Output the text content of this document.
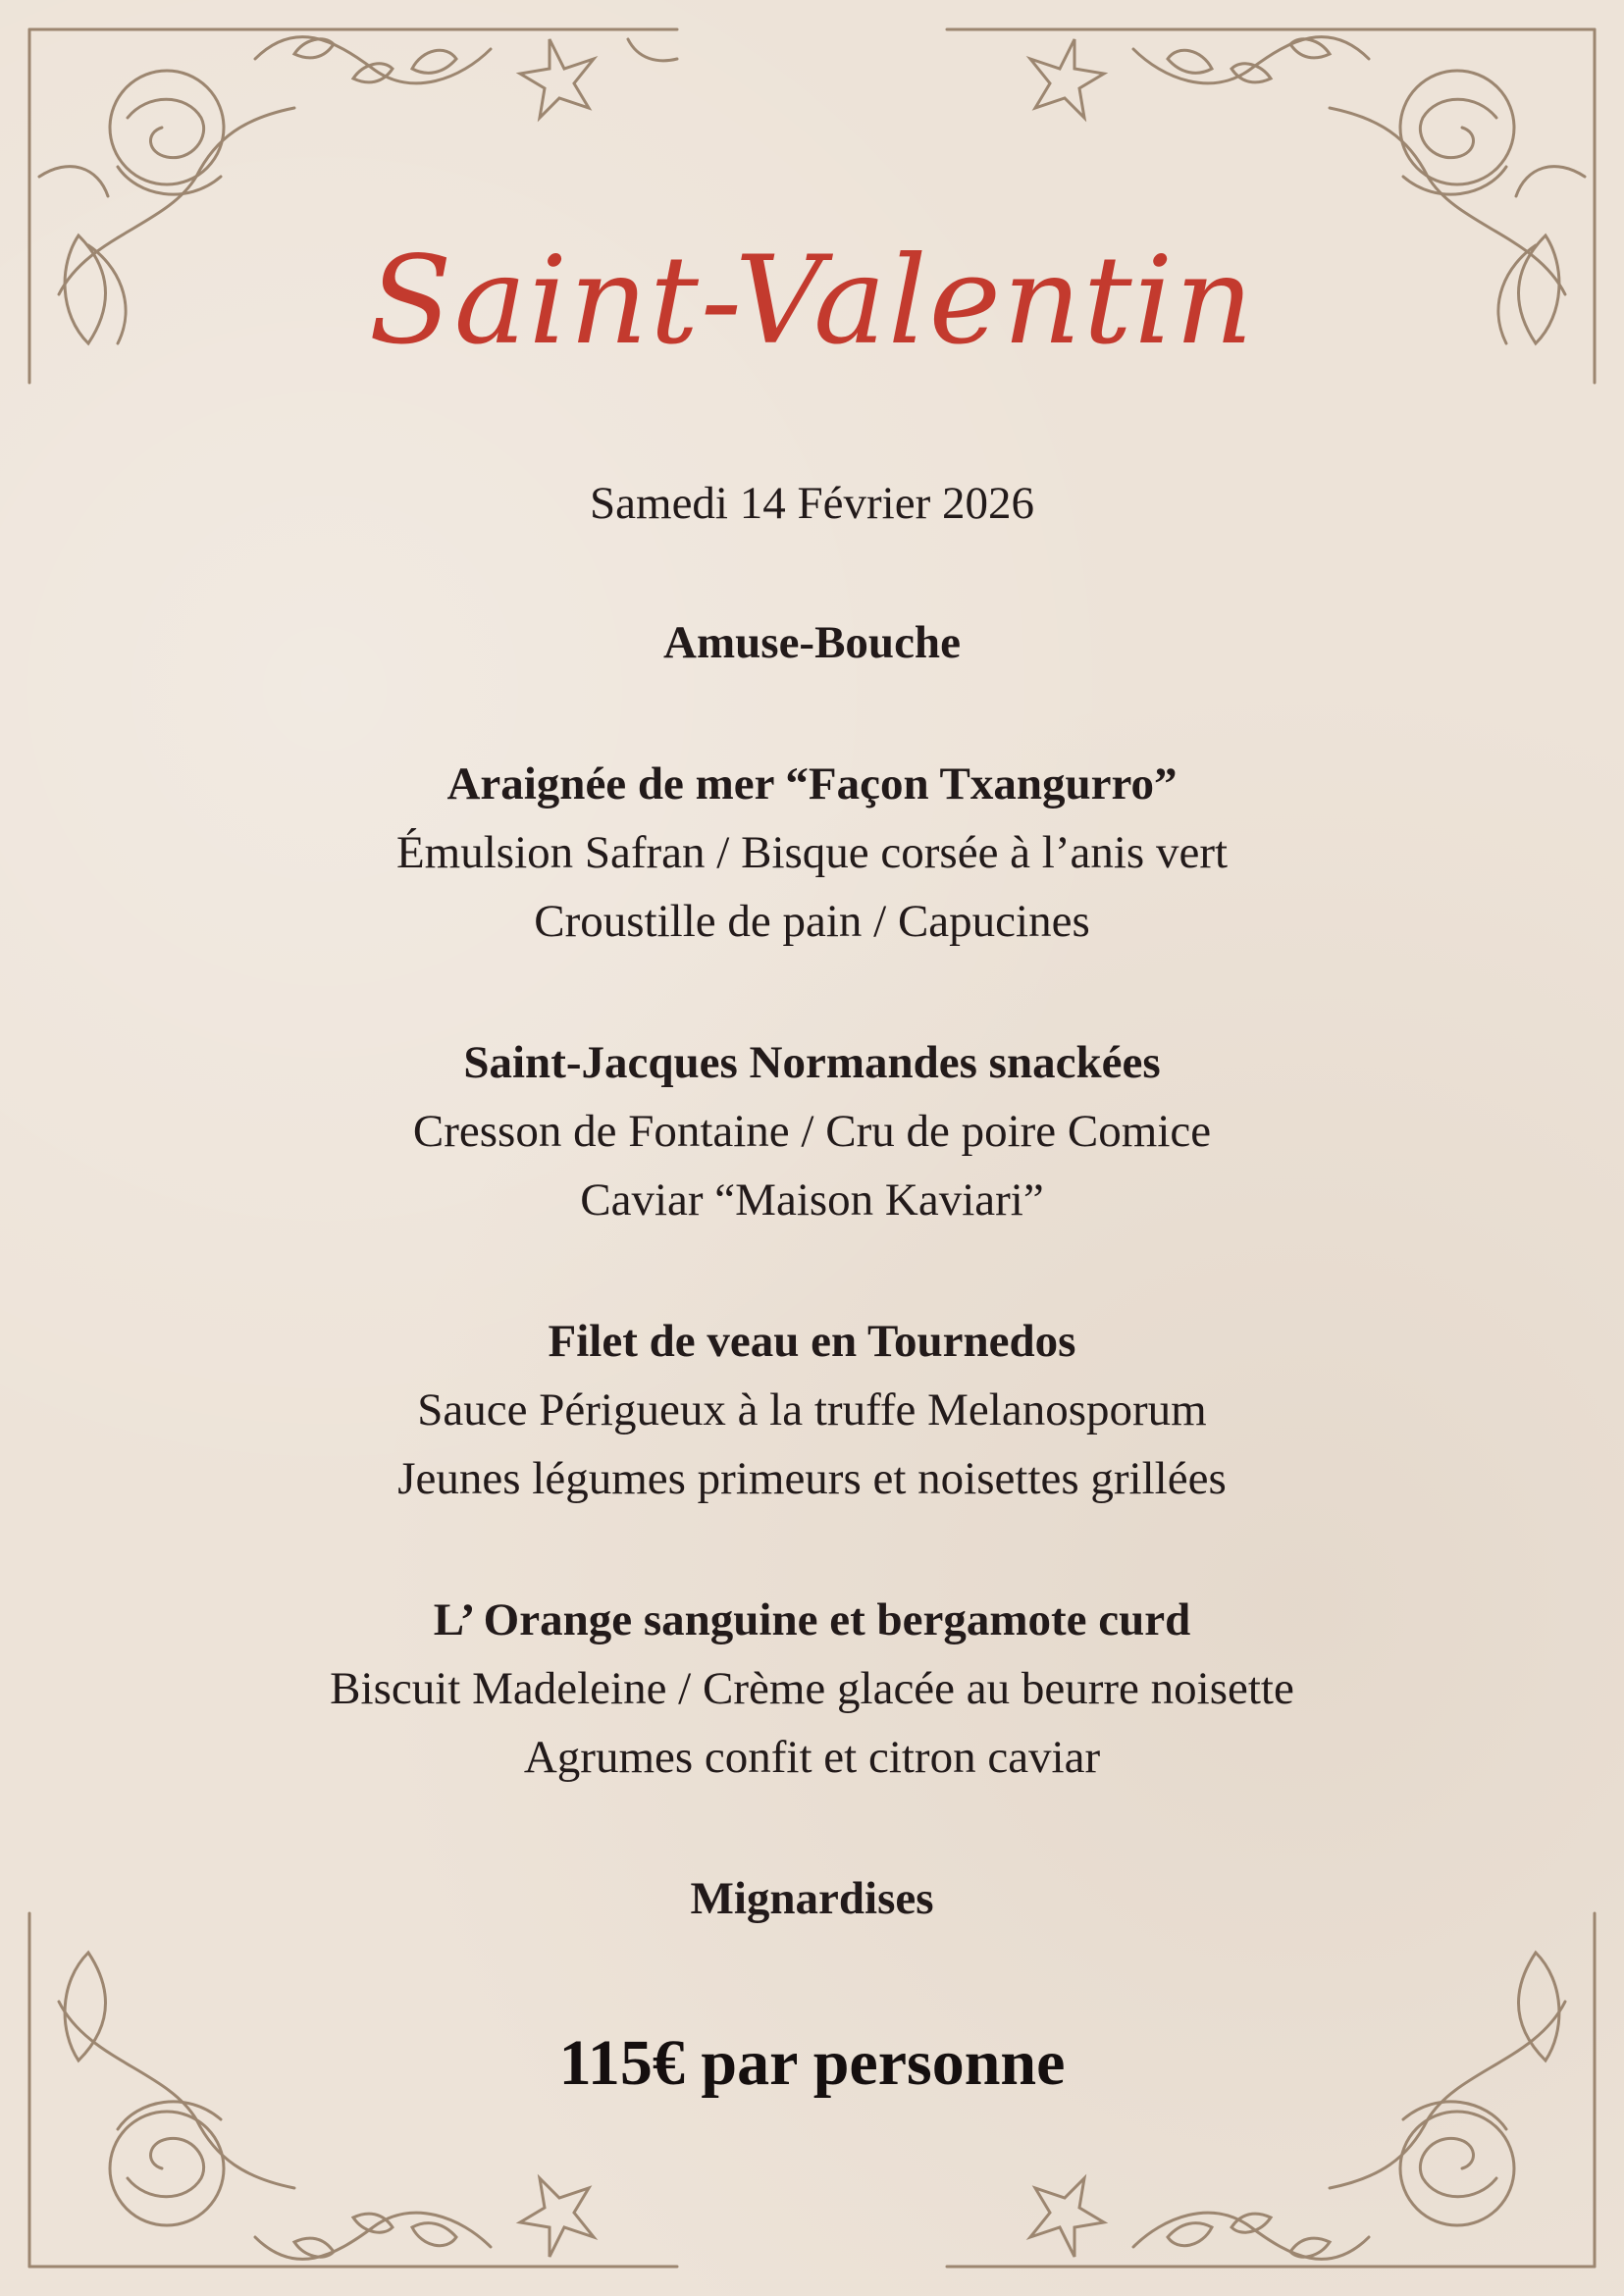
Saint-Valentin
Samedi 14 Février 2026
Amuse-Bouche
Araignée de mer “Façon Txangurro”
Émulsion Safran / Bisque corsée à l’anis vert
Croustille de pain / Capucines
Saint-Jacques Normandes snackées
Cresson de Fontaine / Cru de poire Comice
Caviar “Maison Kaviari”
Filet de veau en Tournedos
Sauce Périgueux à la truffe Melanosporum
Jeunes légumes primeurs et noisettes grillées
L’ Orange sanguine et bergamote curd
Biscuit Madeleine / Crème glacée au beurre noisette
Agrumes confit et citron caviar
Mignardises
115€ par personne
